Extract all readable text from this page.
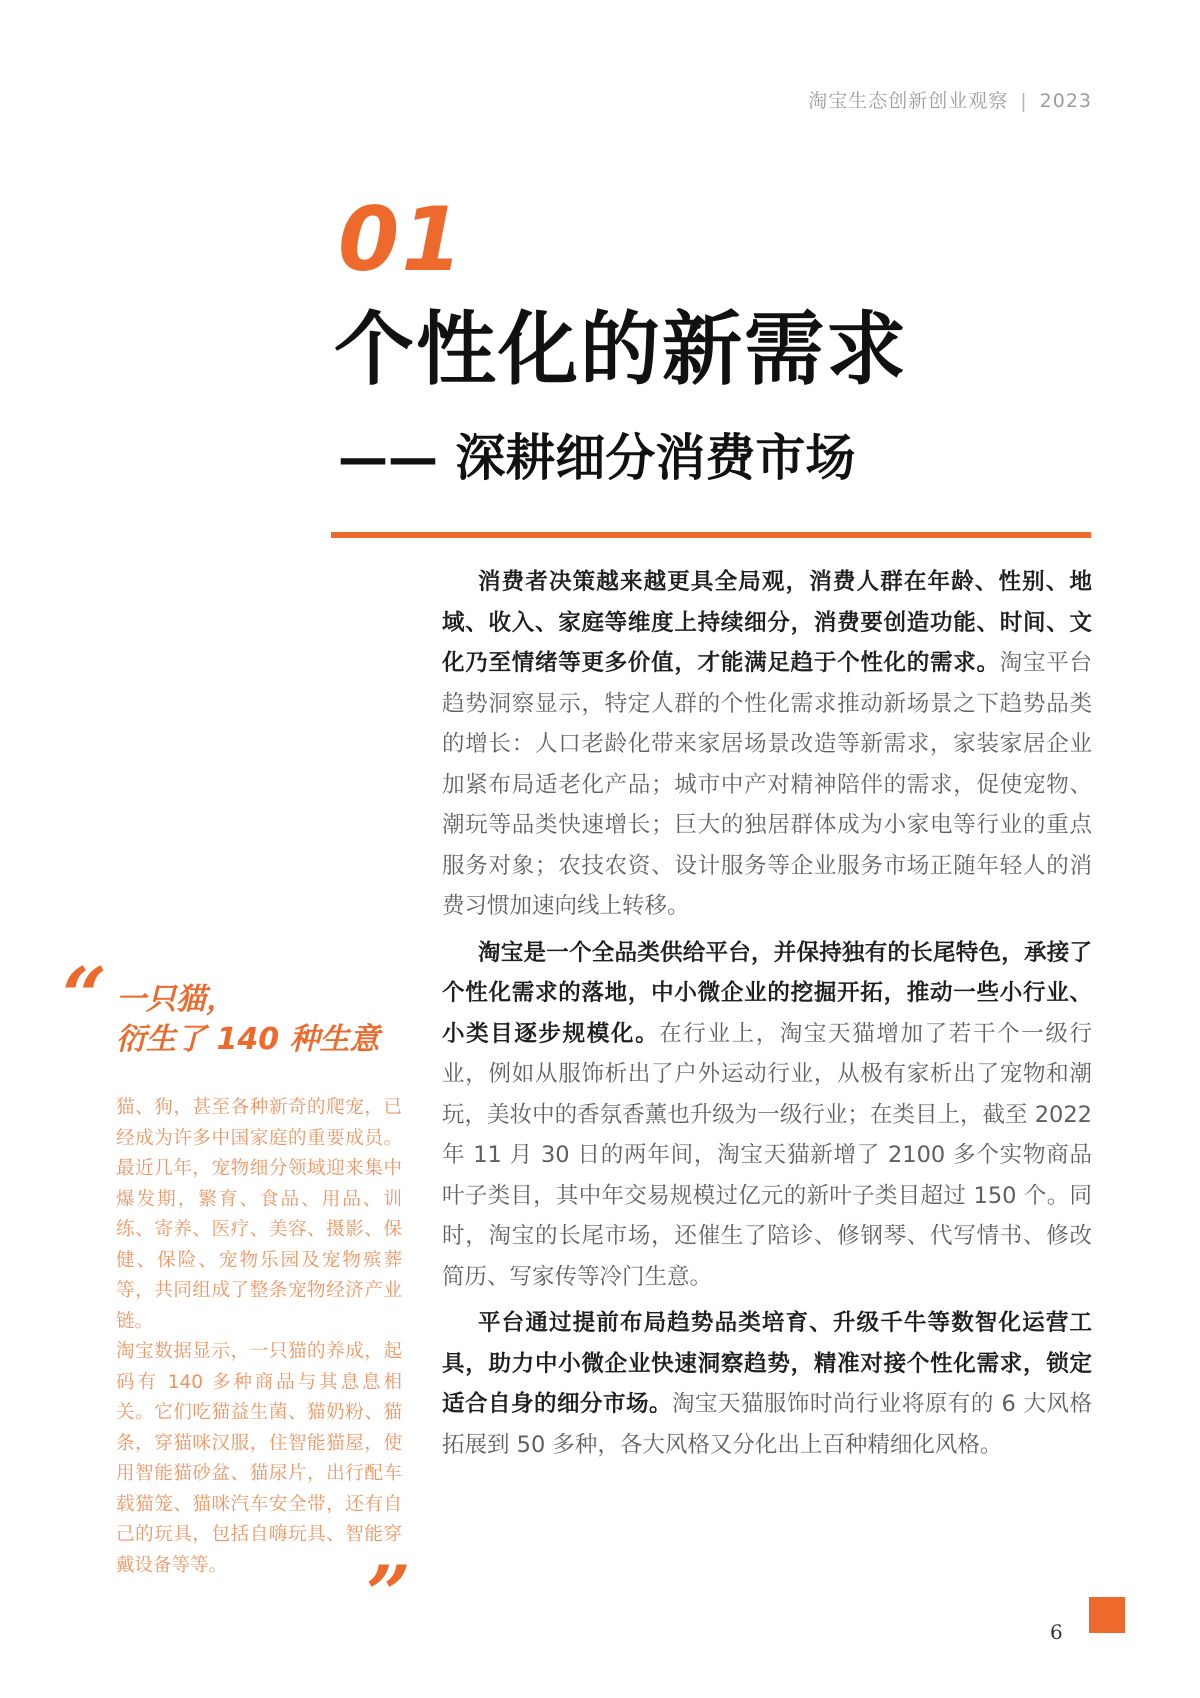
淘宝生态创新创业观察 | 2023
01
个性化的新需求
—— 深耕细分消费市场

消费者决策越来越更具全局观，消费人群在年龄、性别、地域、收入、家庭等维度上持续细分，消费要创造功能、时间、文化乃至情绪等更多价值，才能满足趋于个性化的需求。淘宝平台趋势洞察显示，特定人群的个性化需求推动新场景之下趋势品类的增长：人口老龄化带来家居场景改造等新需求，家装家居企业加紧布局适老化产品；城市中产对精神陪伴的需求，促使宠物、潮玩等品类快速增长；巨大的独居群体成为小家电等行业的重点服务对象；农技农资、设计服务等企业服务市场正随年轻人的消费习惯加速向线上转移。

淘宝是一个全品类供给平台，并保持独有的长尾特色，承接了个性化需求的落地，中小微企业的挖掘开拓，推动一些小行业、小类目逐步规模化。在行业上，淘宝天猫增加了若干个一级行业，例如从服饰析出了户外运动行业，从极有家析出了宠物和潮玩，美妆中的香氛香薰也升级为一级行业；在类目上，截至 2022 年 11 月 30 日的两年间，淘宝天猫新增了 2100 多个实物商品叶子类目，其中年交易规模过亿元的新叶子类目超过 150 个。同时，淘宝的长尾市场，还催生了陪诊、修钢琴、代写情书、修改简历、写家传等冷门生意。

平台通过提前布局趋势品类培育、升级千牛等数智化运营工具，助力中小微企业快速洞察趋势，精准对接个性化需求，锁定适合自身的细分市场。淘宝天猫服饰时尚行业将原有的 6 大风格拓展到 50 多种，各大风格又分化出上百种精细化风格。

“ 一只猫，
衍生了 140 种生意

猫、狗，甚至各种新奇的爬宠，已经成为许多中国家庭的重要成员。最近几年，宠物细分领域迎来集中爆发期，繁育、食品、用品、训练、寄养、医疗、美容、摄影、保健、保险、宠物乐园及宠物殡葬等，共同组成了整条宠物经济产业链。

淘宝数据显示，一只猫的养成，起码有 140 多种商品与其息息相关。它们吃猫益生菌、猫奶粉、猫条，穿猫咪汉服，住智能猫屋，使用智能猫砂盆、猫尿片，出行配车载猫笼、猫咪汽车安全带，还有自己的玩具，包括自嗨玩具、智能穿戴设备等等。	”	6
